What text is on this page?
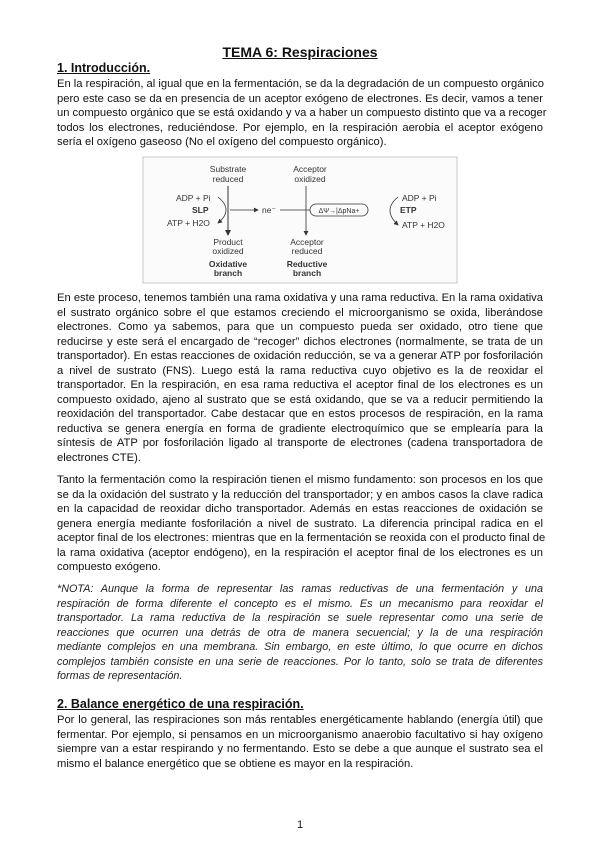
TEMA 6: Respiraciones
1. Introducción.
En la respiración, al igual que en la fermentación, se da la degradación de un compuesto orgánico
pero este caso se da en presencia de un aceptor exógeno de electrones. Es decir, vamos a tener
un compuesto orgánico que se está oxidando y va a haber un compuesto distinto que va a recoger
todos los electrones, reduciéndose. Por ejemplo, en la respiración aerobia el aceptor exógeno
sería el oxígeno gaseoso (No el oxígeno del compuesto orgánico).
Substrate
reduced
Acceptor
oxidized
ADP + Pi
SLP
ATP + H2O
ne⁻	ΔΨ→|ΔpNa+
ADP + Pi
ETP
ATP + H2O
Product
oxidized
Oxidative
branch
Acceptor
reduced
Reductive
branch
En este proceso, tenemos también una rama oxidativa y una rama reductiva. En la rama oxidativa
el sustrato orgánico sobre el que estamos creciendo el microorganismo se oxida, liberándose
electrones. Como ya sabemos, para que un compuesto pueda ser oxidado, otro tiene que
reducirse y este será el encargado de “recoger” dichos electrones (normalmente, se trata de un
transportador). En estas reacciones de oxidación reducción, se va a generar ATP por fosforilación
a nivel de sustrato (FNS). Luego está la rama reductiva cuyo objetivo es la de reoxidar el
transportador. En la respiración, en esa rama reductiva el aceptor final de los electrones es un
compuesto oxidado, ajeno al sustrato que se está oxidando, que se va a reducir permitiendo la
reoxidación del transportador. Cabe destacar que en estos procesos de respiración, en la rama
reductiva se genera energía en forma de gradiente electroquímico que se emplearía para la
síntesis de ATP por fosforilación ligado al transporte de electrones (cadena transportadora de
electrones CTE).
Tanto la fermentación como la respiración tienen el mismo fundamento: son procesos en los que
se da la oxidación del sustrato y la reducción del transportador; y en ambos casos la clave radica
en la capacidad de reoxidar dicho transportador. Además en estas reacciones de oxidación se
genera energía mediante fosforilación a nivel de sustrato. La diferencia principal radica en el
aceptor final de los electrones: mientras que en la fermentación se reoxida con el producto final de
la rama oxidativa (aceptor endógeno), en la respiración el aceptor final de los electrones es un
compuesto exógeno.
*NOTA: Aunque la forma de representar las ramas reductivas de una fermentación y una
respiración de forma diferente el concepto es el mismo. Es un mecanismo para reoxidar el
transportador. La rama reductiva de la respiración se suele representar como una serie de
reacciones que ocurren una detrás de otra de manera secuencial; y la de una respiración
mediante complejos en una membrana. Sin embargo, en este último, lo que ocurre en dichos
complejos también consiste en una serie de reacciones. Por lo tanto, solo se trata de diferentes
formas de representación.
2. Balance energético de una respiración.
Por lo general, las respiraciones son más rentables energéticamente hablando (energía útil) que
fermentar. Por ejemplo, si pensamos en un microorganismo anaerobio facultativo si hay oxígeno
siempre van a estar respirando y no fermentando. Esto se debe a que aunque el sustrato sea el
mismo el balance energético que se obtiene es mayor en la respiración.
1
